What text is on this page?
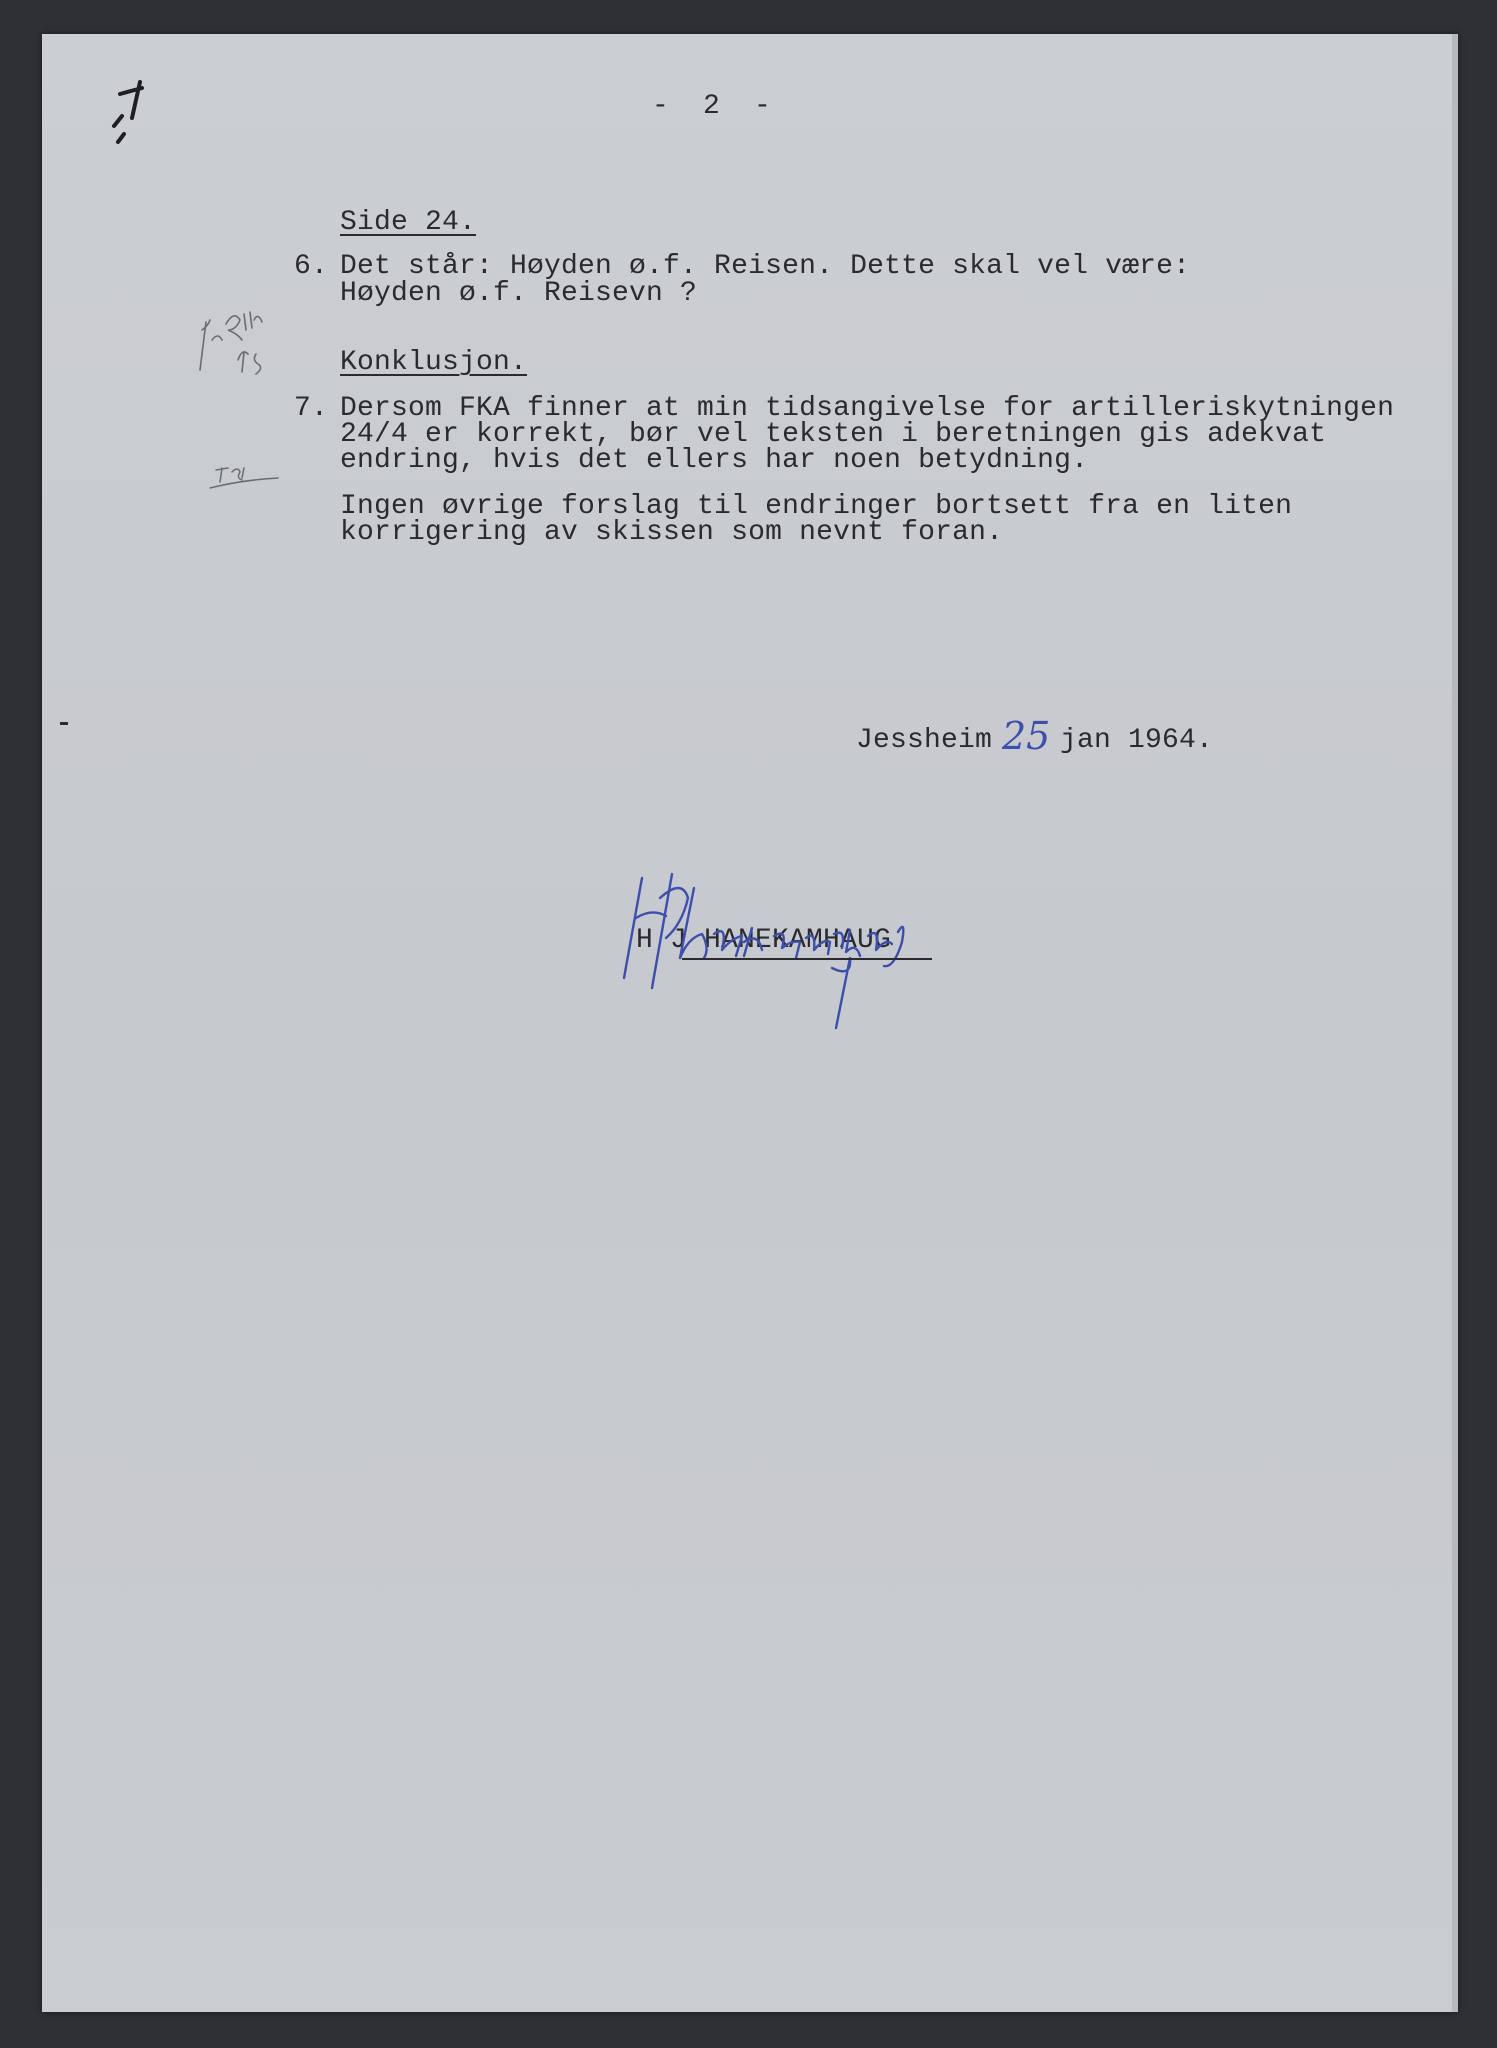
-  2  -
Side 24.
6. Det står: Høyden ø.f. Reisen. Dette skal vel være:
Høyden ø.f. Reisevn ?
Konklusjon.
7. Dersom FKA finner at min tidsangivelse for artilleriskytningen
24/4 er korrekt, bør vel teksten i beretningen gis adekvat
endring, hvis det ellers har noen betydning.
Ingen øvrige forslag til endringer bortsett fra en liten
korrigering av skissen som nevnt foran.
Jessheim 25 jan 1964.
H J HANEKAMHAUG
